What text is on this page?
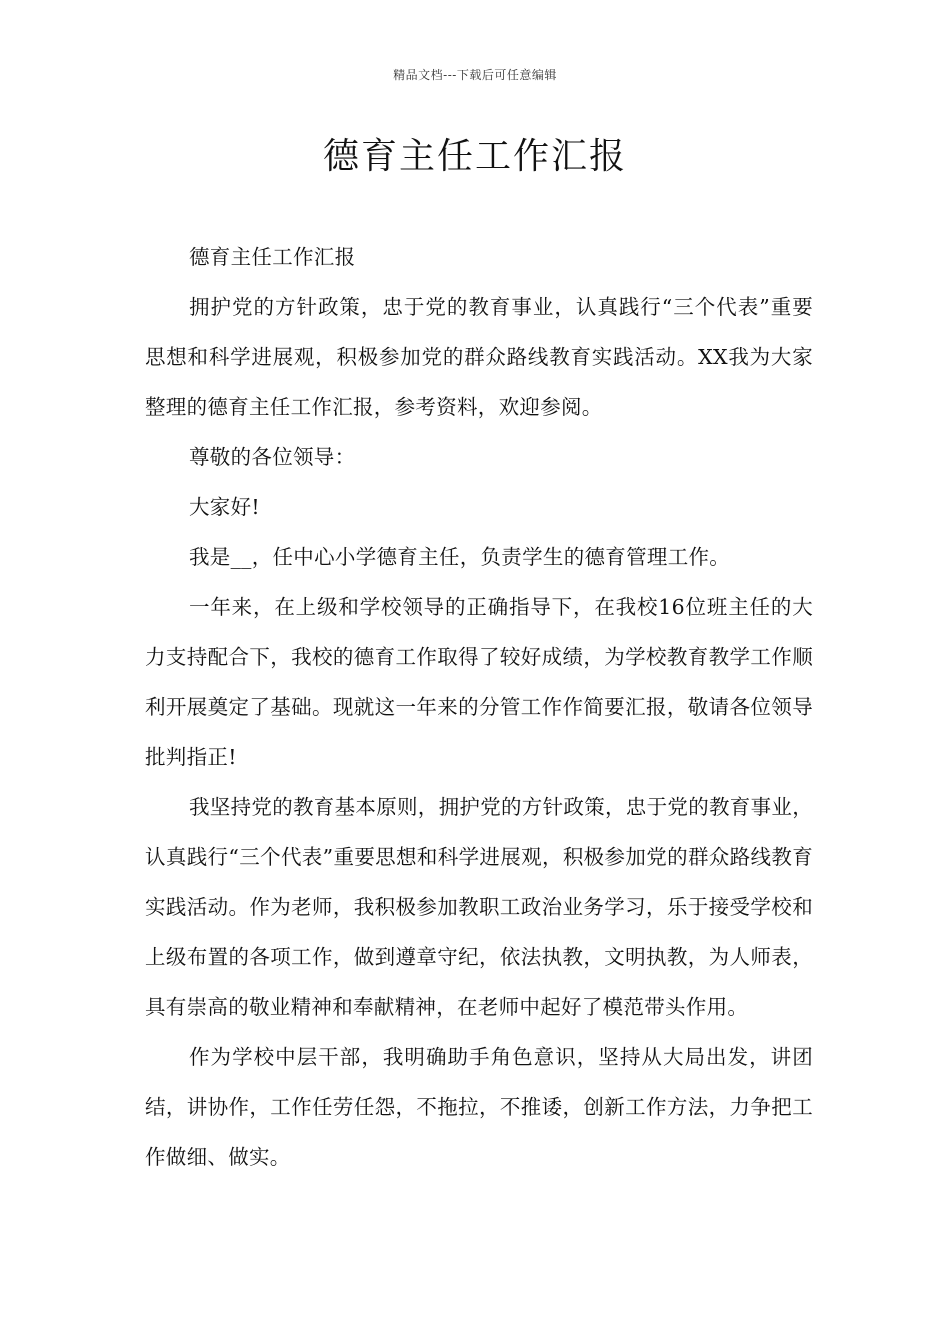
精品文档---下载后可任意编辑
德育主任工作汇报

德育主任工作汇报

拥护党的方针政策，忠于党的教育事业，认真践行“三个代表”重要思想和科学进展观，积极参加党的群众路线教育实践活动。XX我为大家整理的德育主任工作汇报，参考资料，欢迎参阅。

尊敬的各位领导：

大家好!

我是__，任中心小学德育主任，负责学生的德育管理工作。

一年来，在上级和学校领导的正确指导下，在我校16位班主任的大力支持配合下，我校的德育工作取得了较好成绩，为学校教育教学工作顺利开展奠定了基础。现就这一年来的分管工作作简要汇报，敬请各位领导批判指正!

我坚持党的教育基本原则，拥护党的方针政策，忠于党的教育事业，认真践行“三个代表”重要思想和科学进展观，积极参加党的群众路线教育实践活动。作为老师，我积极参加教职工政治业务学习，乐于接受学校和上级布置的各项工作，做到遵章守纪，依法执教，文明执教，为人师表，具有崇高的敬业精神和奉献精神，在老师中起好了模范带头作用。

作为学校中层干部，我明确助手角色意识，坚持从大局出发，讲团结，讲协作，工作任劳任怨，不拖拉，不推诿，创新工作方法，力争把工作做细、做实。
